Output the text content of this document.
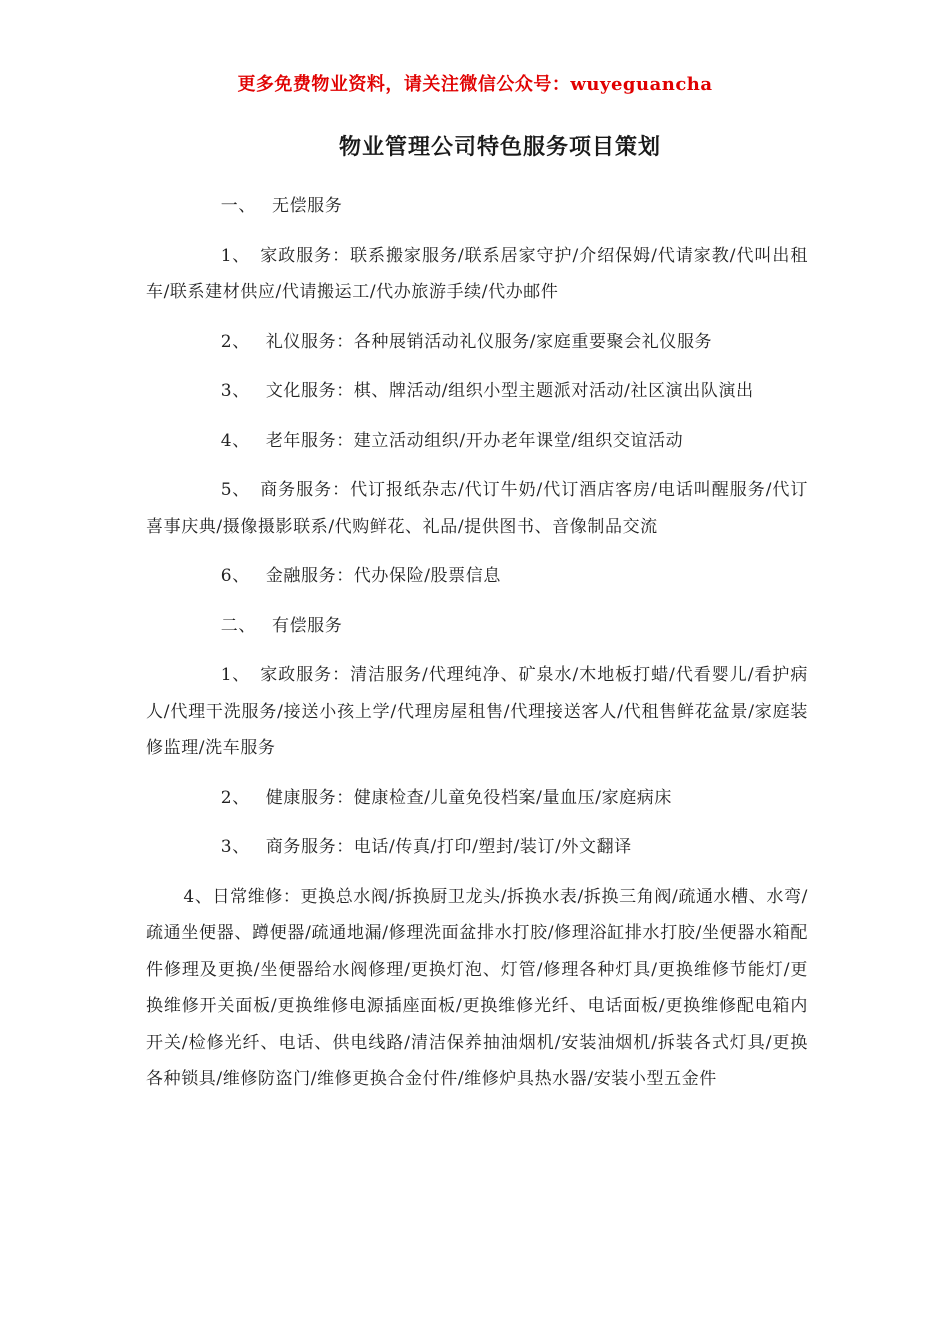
更多免费物业资料，请关注微信公众号：wuyeguancha
物业管理公司特色服务项目策划

一、 无偿服务

1、 家政服务：联系搬家服务/联系居家守护/介绍保姆/代请家教/代叫出租车/联系建材供应/代请搬运工/代办旅游手续/代办邮件

2、 礼仪服务：各种展销活动礼仪服务/家庭重要聚会礼仪服务

3、 文化服务：棋、牌活动/组织小型主题派对活动/社区演出队演出

4、 老年服务：建立活动组织/开办老年课堂/组织交谊活动

5、 商务服务：代订报纸杂志/代订牛奶/代订酒店客房/电话叫醒服务/代订喜事庆典/摄像摄影联系/代购鲜花、礼品/提供图书、音像制品交流

6、 金融服务：代办保险/股票信息

二、 有偿服务

1、 家政服务：清洁服务/代理纯净、矿泉水/木地板打蜡/代看婴儿/看护病人/代理干洗服务/接送小孩上学/代理房屋租售/代理接送客人/代租售鲜花盆景/家庭装修监理/洗车服务

2、 健康服务：健康检查/儿童免役档案/量血压/家庭病床

3、 商务服务：电话/传真/打印/塑封/装订/外文翻译

4、日常维修：更换总水阀/拆换厨卫龙头/拆换水表/拆换三角阀/疏通水槽、水弯/疏通坐便器、蹲便器/疏通地漏/修理洗面盆排水打胶/修理浴缸排水打胶/坐便器水箱配件修理及更换/坐便器给水阀修理/更换灯泡、灯管/修理各种灯具/更换维修节能灯/更换维修开关面板/更换维修电源插座面板/更换维修光纤、电话面板/更换维修配电箱内开关/检修光纤、电话、供电线路/清洁保养抽油烟机/安装油烟机/拆装各式灯具/更换各种锁具/维修防盗门/维修更换合金付件/维修炉具热水器/安装小型五金件
